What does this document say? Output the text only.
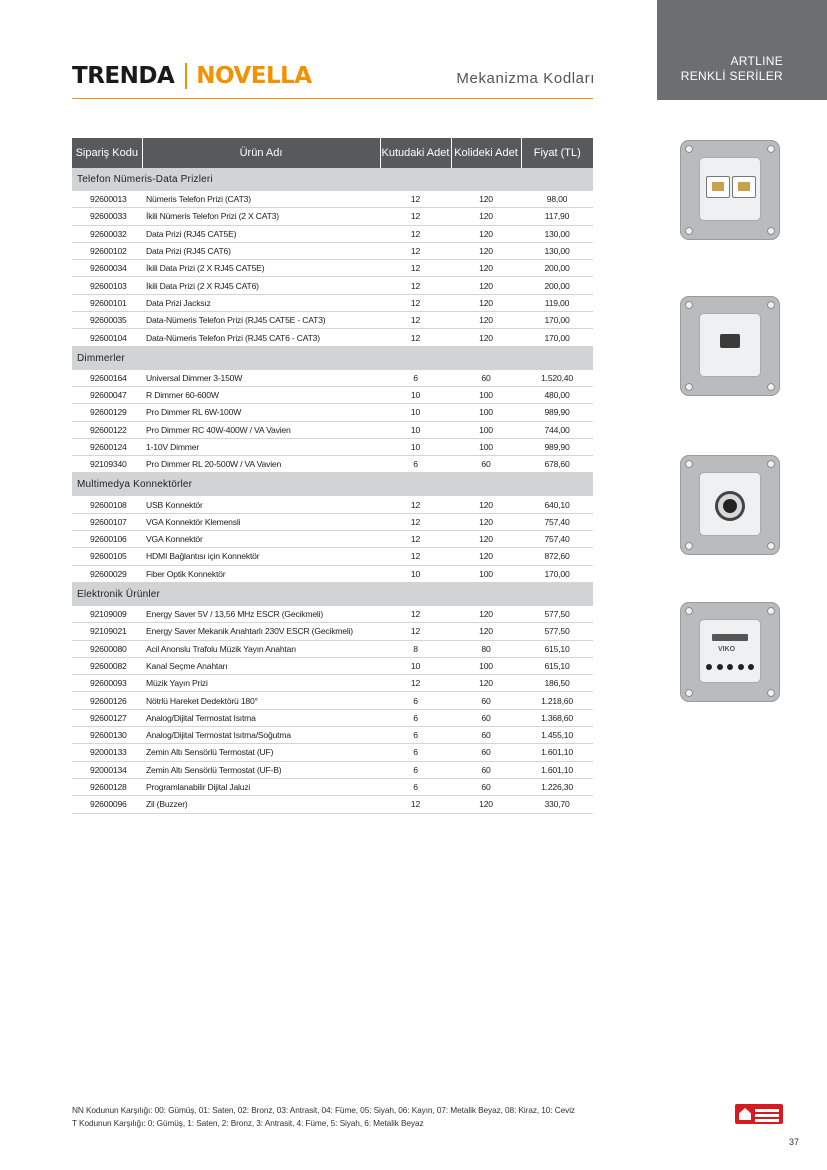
ARTLINE
RENKLİ SERİLER
TRENDA NOVELLA	Mekanizma Kodları
Sipariş Kodu	Ürün Adı	Kutudaki Adet	Kolideki Adet	Fiyat (TL)
Telefon Nümeris-Data Prizleri				
92600013	Nümeris Telefon Prizi (CAT3)	12	120	98,00
92600033	İkili Nümeris Telefon Prizi (2 X CAT3)	12	120	117,90
92600032	Data Prizi (RJ45 CAT5E)	12	120	130,00
92600102	Data Prizi (RJ45 CAT6)	12	120	130,00
92600034	İkili Data Prizi (2 X RJ45 CAT5E)	12	120	200,00
92600103	İkili Data Prizi (2 X RJ45 CAT6)	12	120	200,00
92600101	Data Prizi Jacksız	12	120	119,00
92600035	Data-Nümeris Telefon Prizi (RJ45 CAT5E - CAT3)	12	120	170,00
92600104	Data-Nümeris Telefon Prizi (RJ45 CAT6 - CAT3)	12	120	170,00
Dimmerler				
92600164	Universal Dimmer 3-150W	6	60	1.520,40
92600047	R Dimmer 60-600W	10	100	480,00
92600129	Pro Dimmer RL 6W-100W	10	100	989,90
92600122	Pro Dimmer RC 40W-400W / VA Vavien	10	100	744,00
92600124	1-10V Dimmer	10	100	989,90
92109340	Pro Dimmer RL 20-500W / VA Vavien	6	60	678,60
Multimedya Konnektörler				
92600108	USB Konnektör	12	120	640,10
92600107	VGA Konnektör Klemensli	12	120	757,40
92600106	VGA Konnektör	12	120	757,40
92600105	HDMI Bağlantısı için Konnektör	12	120	872,60
92600029	Fiber Optik Konnektör	10	100	170,00
Elektronik Ürünler				
92109009	Energy Saver 5V / 13,56 MHz ESCR (Gecikmeli)	12	120	577,50
92109021	Energy Saver Mekanik Anahtarlı 230V ESCR (Gecikmeli)	12	120	577,50
92600080	Acil Anonslu Trafolu Müzik Yayın Anahtarı	8	80	615,10
92600082	Kanal Seçme Anahtarı	10	100	615,10
92600093	Müzik Yayın Prizi	12	120	186,50
92600126	Nötrlü Hareket Dedektörü 180°	6	60	1.218,60
92600127	Analog/Dijital Termostat Isıtma	6	60	1.368,60
92600130	Analog/Dijital Termostat Isıtma/Soğutma	6	60	1.455,10
92000133	Zemin Altı Sensörlü Termostat (UF)	6	60	1.601,10
92000134	Zemin Altı Sensörlü Termostat (UF-B)	6	60	1.601,10
92600128	Programlanabilir Dijital Jaluzi	6	60	1.226,30
92600096	Zil (Buzzer)	12	120	330,70
VIKO
NN Kodunun Karşılığı: 00: Gümüş, 01: Saten, 02: Bronz, 03: Antrasit, 04: Füme, 05: Siyah, 06: Kayın, 07: Metalik Beyaz, 08: Kiraz, 10: Ceviz
T Kodunun Karşılığı: 0: Gümüş, 1: Saten, 2: Bronz, 3: Antrasit, 4: Füme, 5: Siyah, 6: Metalik Beyaz
37
